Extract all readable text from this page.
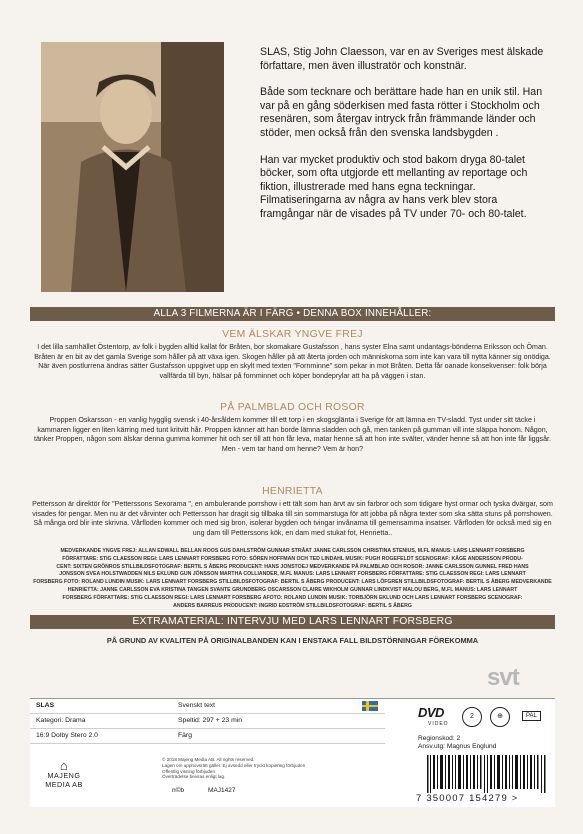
SLAS, Stig John Claesson, var en av Sveriges mest älskade författare, men även illustratör och konstnär.

Både som tecknare och berättare hade han en unik stil. Han var på en gång söderkisen med fasta rötter i Stockholm och resenären, som återgav intryck från främmande länder och stöder, men också från den svenska landsbygden .

Han var mycket produktiv och stod bakom dryga 80-talet böcker, som ofta utgjorde ett mellanting av reportage och fiktion, illustrerade med hans egna teckningar. Filmatiseringarna av några av hans verk blev stora framgångar när de visades på TV under 70- och 80-talet.

ALLA 3 FILMERNA ÄR I FÄRG • DENNA BOX INNEHÅLLER:
VEM ÄLSKAR YNGVE FREJ
I det lilla samhället Östentorp, av folk i bygden alltid kallat för Bråten, bor skomakare Gustafsson , hans syster Elna samt undantags-bönderna Eriksson och Öman. Bråten är en bit av det gamla Sverige som håller på att växa igen. Skogen håller på att återta jorden och människorna som inte kan vara till nytta känner sig onödiga. När även postlurrena ändras sätter Gustafsson uppgivet upp en skylt med texten "Fornminne" som pekar in mot Bråten. Detta får oanade konsekvenser: folk börja vallfärda till byn, hälsar på fornminnet och köper bondeprylar att ha på väggen i stan.
PÅ PALMBLAD OCH ROSOR
Proppen Oskarsson - en vanlig hygglig svensk i 40-årsåldern kommer till ett torp i en skogsglänta i Sverige för att lämna en TV-sladd. Tyst under sitt täcke i kammaren ligger en liten kärring med tunt kritvitt hår. Proppen känner att han borde lämna sladden och gå, men tanken på gumman vill inte släppa honom. Någon, tänker Proppen, någon som älskar denna gumma kommer hit och ser till att hon får leva, matar henne så att hon inte svälter, vänder henne så att hon inte får liggsår. Men - vem tar hand om henne? Vem är hon?
HENRIETTA
Pettersson är direktör för "Petterssons Sexorama ", en ambulerande porrshow i ett tält som han ärvt av sin farbror och som tidigare hyst ormar och tyska dvärgar, som visades för pengar. Men nu är det vårvinter och Pettersson har dragit sig tillbaka till sin sommarstuga för att jobba på några texter som ska sätta stuns på porrshowen. Så många ord blir inte skrivna. Vårfloden kommer och med sig bron, isolerar bygden och tvingar invånarna till gemensamma insatser. Vårfloden för också med sig en ung dam till Petterssons kök, en dam med stukat fot, Henrietta..
MEDVERKANDE YNGVE FREJ: ALLAN EDWALL BELLAN ROOS GUS DAHLSTRÖM GUNNAR STRÅAT JANNE CARLSSON CHRISTINA STENIUS, M.FL MANUS: LARS LENNART FORSBERG
FÖRFATTARE: STIG CLAESSON REGI: LARS LENNART FORSBERG FOTO: SÖREN HOFFMAN OCH TED LINDAHL MUSIK: PUGH ROGEFELDT SCENOGRAF: KÅGE ANDERSSON PRODU-
CENT: SIXTEN GRÖNROS STILLBILDSFOTOGRAF: BERTIL S ÅBERG PRODUCENT: HANS JONSTOEJ MEDVERKANDE PÅ PALMBLAD OCH ROSOR: JANNE CARLSSON GUNNEL FRED HANS
JONSSON SVEA HOLSTWADDEN NILS EKLUND GUN JÖNSSON MARTHA COLLIANDER, M.FL MANUS: LARS LENNART FORSBERG FÖRFATTARE: STIG CLAESSON REGI: LARS LENNART
FORSBERG FOTO: ROLAND LUNDIN MUSIK: LARS LENNART FORSBERG STILLBILDSFOTOGRAF: BERTIL S ÅBERG PRODUCENT: LARS LÖFGREN STILLBILDSFOTOGRAF: BERTIL S ÅBERG MEDVERKANDE
HENRIETTA: JANNE CARLSSON EVA KRISTINA TANGEN SVANTE GRUNDBERG OSCARSSON CLAIRE WIKHOLM GUNNAR LINDKVIST MALOU BERG, M.FL MANUS: LARS LENNART
FORSBERG FÖRFATTARE: STIG CLAESSON REGI: LARS LENNART FORSBERG AFOTO: ROLAND LUNDIN MUSIK: TORBJÖRN EKLUND OCH LARS LENNART FORSBERG SCENOGRAF:
ANDERS BARREUS PRODUCENT: INGRID EDSTRÖM STILLBILDSFOTOGRAF: BERTIL S ÅBERG
EXTRAMATERIAL: INTERVJU MED LARS LENNART FORSBERG
PÅ GRUND AV KVALITEN PÅ ORIGINALBANDEN KAN I ENSTAKA FALL BILDSTÖRNINGAR FÖREKOMMA
svt
SLAS	Svenskt text
Kategori: Drama	Speltid: 297 + 23 min
16:9 Dolby Stero 2.0	Färg
⌂
MAJENG MEDIA AB
© 2018 Majeng Media AB. All rights reserved.
Lagen om upphovsrätt gäller. Ej avsedd eller tryckt kopiering förbjuden
Offentlig visning förbjuden
Överträdelse beivras enligt lag.
n©b	MAJ1427
DVD
VIDEO
2	⊕	PAL
Regionskod: 2
Ansv.utg: Magnus Englund
7 350007 154279 >
